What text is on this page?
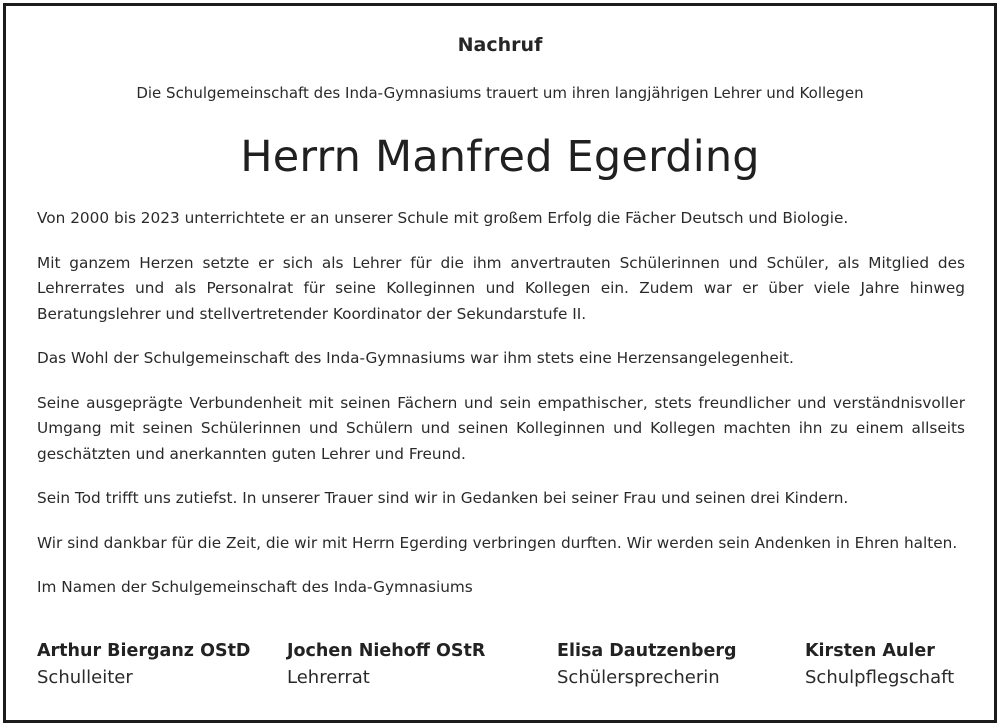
Nachruf
Die Schulgemeinschaft des Inda-Gymnasiums trauert um ihren langjährigen Lehrer und Kollegen
Herrn Manfred Egerding

Von 2000 bis 2023 unterrichtete er an unserer Schule mit großem Erfolg die Fächer Deutsch und Biologie.

Mit ganzem Herzen setzte er sich als Lehrer für die ihm anvertrauten Schülerinnen und Schüler, als Mitglied des Lehrerrates und als Personalrat für seine Kolleginnen und Kollegen ein. Zudem war er über viele Jahre hinweg Beratungslehrer und stellvertretender Koordinator der Sekundarstufe II.

Das Wohl der Schulgemeinschaft des Inda-Gymnasiums war ihm stets eine Herzensangelegenheit.

Seine ausgeprägte Verbundenheit mit seinen Fächern und sein empathischer, stets freundlicher und verständnisvoller Umgang mit seinen Schülerinnen und Schülern und seinen Kolleginnen und Kollegen machten ihn zu einem allseits geschätzten und anerkannten guten Lehrer und Freund.

Sein Tod trifft uns zutiefst. In unserer Trauer sind wir in Gedanken bei seiner Frau und seinen drei Kindern.

Wir sind dankbar für die Zeit, die wir mit Herrn Egerding verbringen durften. Wir werden sein Andenken in Ehren halten.

Im Namen der Schulgemeinschaft des Inda-Gymnasiums

Arthur Bierganz OStD
Schulleiter
Jochen Niehoff OStR
Lehrerrat
Elisa Dautzenberg
Schülersprecherin
Kirsten Auler
Schulpflegschaft
